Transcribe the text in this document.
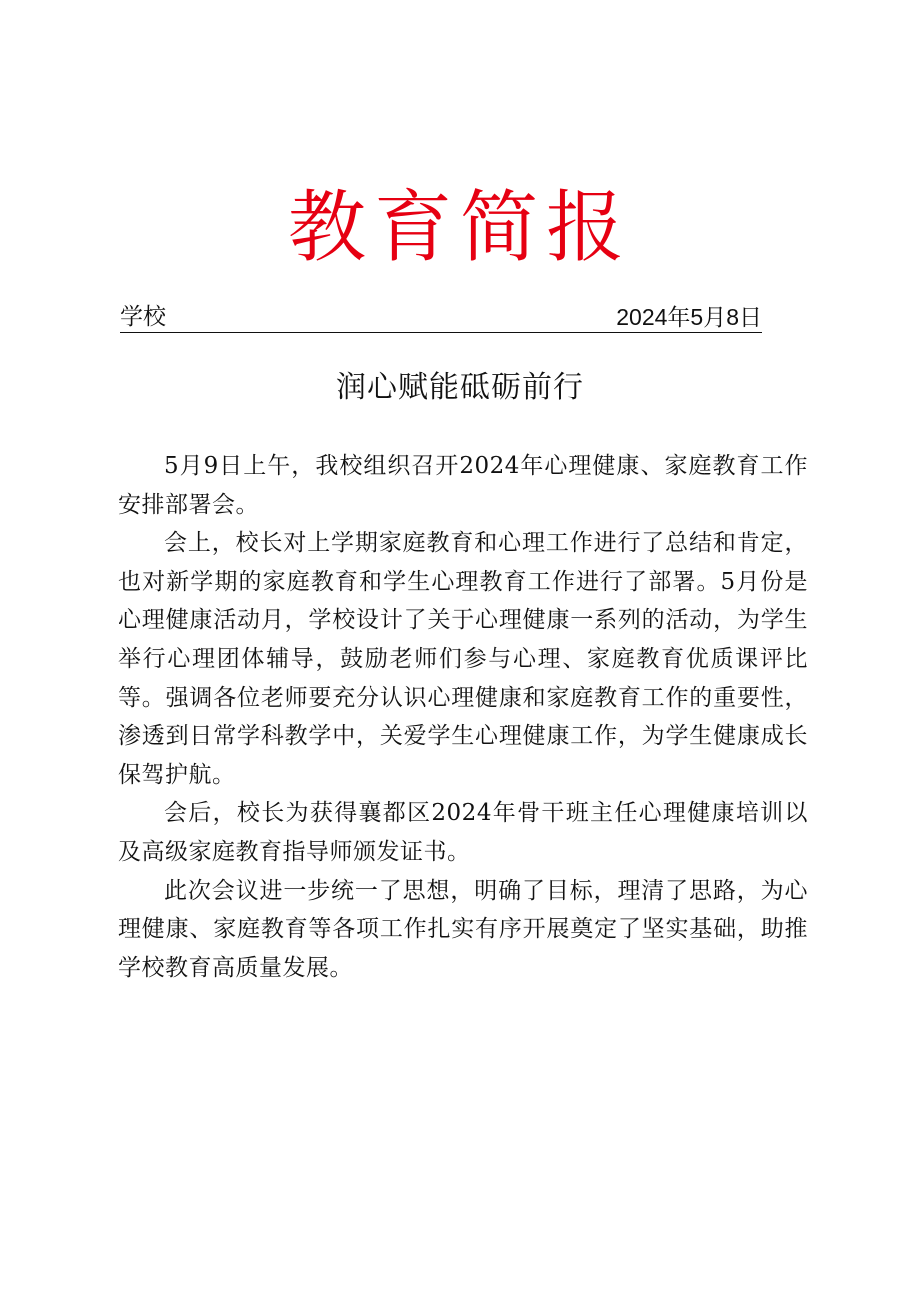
教育简报
学校	2024年5月8日
润心赋能砥砺前行

5月9日上午，我校组织召开2024年心理健康、家庭教育工作安排部署会。

会上，校长对上学期家庭教育和心理工作进行了总结和肯定，也对新学期的家庭教育和学生心理教育工作进行了部署。5月份是心理健康活动月，学校设计了关于心理健康一系列的活动，为学生举行心理团体辅导，鼓励老师们参与心理、家庭教育优质课评比等。强调各位老师要充分认识心理健康和家庭教育工作的重要性，渗透到日常学科教学中，关爱学生心理健康工作，为学生健康成长保驾护航。

会后，校长为获得襄都区2024年骨干班主任心理健康培训以及高级家庭教育指导师颁发证书。

此次会议进一步统一了思想，明确了目标，理清了思路，为心理健康、家庭教育等各项工作扎实有序开展奠定了坚实基础，助推学校教育高质量发展。
